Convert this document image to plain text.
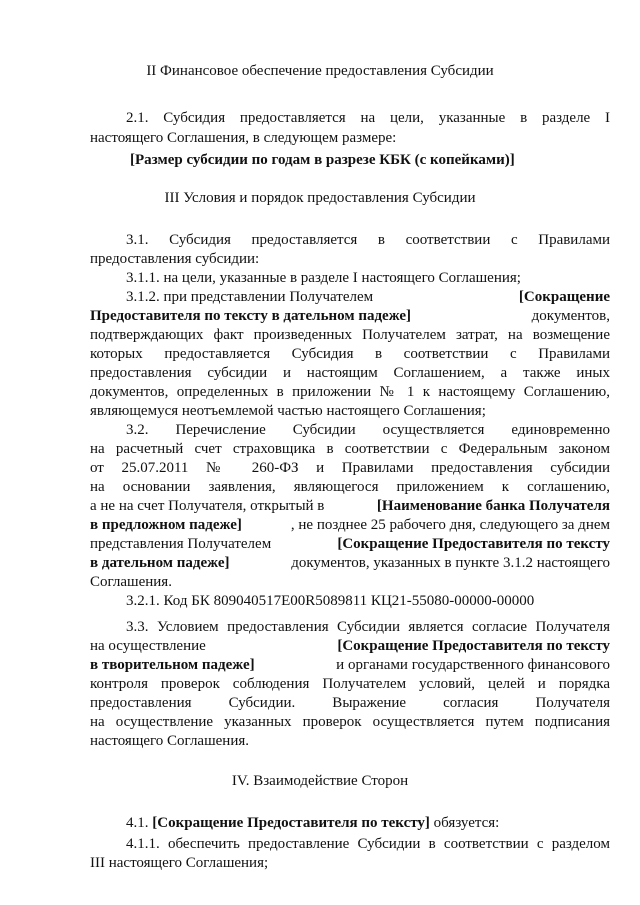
II Финансовое обеспечение предоставления Субсидии
2.1. Субсидия предоставляется на цели, указанные в разделе I
настоящего Соглашения, в следующем размере:
[Размер субсидии по годам в разрезе КБК (с копейками)]
III Условия и порядок предоставления Субсидии
3.1. Субсидия предоставляется в соответствии с Правилами
предоставления субсидии:
3.1.1. на цели, указанные в разделе I настоящего Соглашения;
3.1.2. при представлении Получателем	[Сокращение
Предоставителя по тексту в дательном падеже]	документов,
подтверждающих факт произведенных Получателем затрат, на возмещение
которых предоставляется Субсидия в соответствии с Правилами
предоставления субсидии и настоящим Соглашением, а также иных
документов, определенных в приложении № 1 к настоящему Соглашению,
являющемуся неотъемлемой частью настоящего Соглашения;
3.2. Перечисление Субсидии осуществляется единовременно
на расчетный счет страховщика в соответствии с Федеральным законом
от 25.07.2011 № 260-ФЗ и Правилами предоставления субсидии
на основании заявления, являющегося приложением к соглашению,
а не на счет Получателя, открытый в	[Наименование банка Получателя
в предложном падеже]	, не позднее 25 рабочего дня, следующего за днем
представления Получателем	[Сокращение Предоставителя по тексту
в дательном падеже]	документов, указанных в пункте 3.1.2 настоящего
Соглашения.
3.2.1. Код БК 809040517E00R5089811 КЦ21-55080-00000-00000
3.3. Условием предоставления Субсидии является согласие Получателя
на осуществление	[Сокращение Предоставителя по тексту
в творительном падеже]	и органами государственного финансового
контроля проверок соблюдения Получателем условий, целей и порядка
предоставления Субсидии. Выражение согласия Получателя
на осуществление указанных проверок осуществляется путем подписания
настоящего Соглашения.
IV. Взаимодействие Сторон
4.1. [Сокращение Предоставителя по тексту] обязуется:
4.1.1. обеспечить предоставление Субсидии в соответствии с разделом
III настоящего Соглашения;
